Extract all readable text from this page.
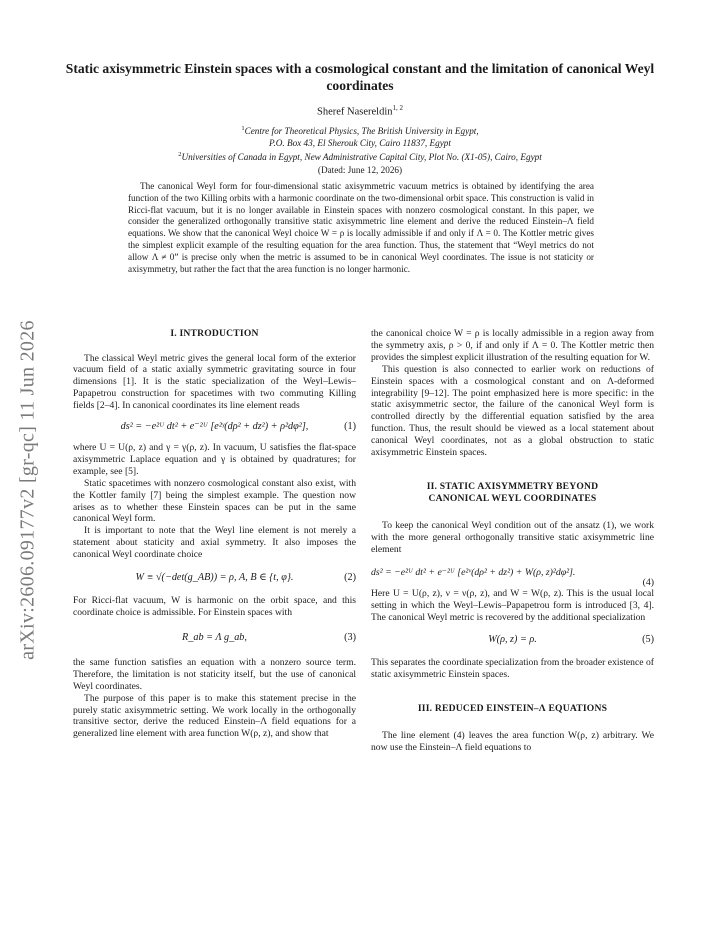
arXiv:2606.09177v2 [gr-qc] 11 Jun 2026
Static axisymmetric Einstein spaces with a cosmological constant and the limitation of canonical Weyl coordinates
Sheref Nasereldin$^{1, 2}$
$^1$Centre for Theoretical Physics, The British University in Egypt,
P.O. Box 43, El Sherouk City, Cairo 11837, Egypt
$^2$Universities of Canada in Egypt, New Administrative Capital City, Plot No. (X1-05), Cairo, Egypt
(Dated: June 12, 2026)
The canonical Weyl form for four-dimensional static axisymmetric vacuum metrics is obtained by identifying the area function of the two Killing orbits with a harmonic coordinate on the two-dimensional orbit space. This construction is valid in Ricci-flat vacuum, but it is no longer available in Einstein spaces with nonzero cosmological constant. In this paper, we consider the generalized orthogonally transitive static axisymmetric line element and derive the reduced Einstein–Λ field equations. We show that the canonical Weyl choice W = ρ is locally admissible if and only if Λ = 0. The Kottler metric gives the simplest explicit example of the resulting equation for the area function. Thus, the statement that “Weyl metrics do not allow Λ ≠ 0” is precise only when the metric is assumed to be in canonical Weyl coordinates. The issue is not staticity or axisymmetry, but rather the fact that the area function is no longer harmonic.
I. INTRODUCTION

The classical Weyl metric gives the general local form of the exterior vacuum field of a static axially symmetric gravitating source in four dimensions [1]. It is the static specialization of the Weyl–Lewis–Papapetrou construction for spacetimes with two commuting Killing fields [2–4]. In canonical coordinates its line element reads

ds² = −e²ᵁ dt² + e⁻²ᵁ [e²ᵞ(dρ² + dz²) + ρ²dφ²],	(1)

where U = U(ρ, z) and γ = γ(ρ, z). In vacuum, U satisfies the flat-space axisymmetric Laplace equation and γ is obtained by quadratures; for example, see [5].

Static spacetimes with nonzero cosmological constant also exist, with the Kottler family [7] being the simplest example. The question now arises as to whether these Einstein spaces can be put in the same canonical Weyl form.

It is important to note that the Weyl line element is not merely a statement about staticity and axial symmetry. It also imposes the canonical Weyl coordinate choice

W ≡ √(−det(g_AB)) = ρ, A, B ∈ {t, φ}.	(2)

For Ricci-flat vacuum, W is harmonic on the orbit space, and this coordinate choice is admissible. For Einstein spaces with

R_ab = Λ g_ab,	(3)

the same function satisfies an equation with a nonzero source term. Therefore, the limitation is not staticity itself, but the use of canonical Weyl coordinates.

The purpose of this paper is to make this statement precise in the purely static axisymmetric setting. We work locally in the orthogonally transitive sector, derive the reduced Einstein–Λ field equations for a generalized line element with area function W(ρ, z), and show that

the canonical choice W = ρ is locally admissible in a region away from the symmetry axis, ρ > 0, if and only if Λ = 0. The Kottler metric then provides the simplest explicit illustration of the resulting equation for W.

This question is also connected to earlier work on reductions of Einstein spaces with a cosmological constant and on Λ-deformed integrability [9–12]. The point emphasized here is more specific: in the static axisymmetric sector, the failure of the canonical Weyl form is controlled directly by the differential equation satisfied by the area function. Thus, the result should be viewed as a local statement about canonical Weyl coordinates, not as a global obstruction to static axisymmetric Einstein spaces.

II. STATIC AXISYMMETRY BEYOND
CANONICAL WEYL COORDINATES

To keep the canonical Weyl condition out of the ansatz (1), we work with the more general orthogonally transitive static axisymmetric line element

ds² = −e²ᵁ dt² + e⁻²ᵁ [e²ᵛ(dρ² + dz²) + W(ρ, z)²dφ²].
(4)

Here U = U(ρ, z), ν = ν(ρ, z), and W = W(ρ, z). This is the usual local setting in which the Weyl–Lewis–Papapetrou form is introduced [3, 4]. The canonical Weyl metric is recovered by the additional specialization

W(ρ, z) = ρ.	(5)

This separates the coordinate specialization from the broader existence of static axisymmetric Einstein spaces.

III. REDUCED EINSTEIN–Λ EQUATIONS

The line element (4) leaves the area function W(ρ, z) arbitrary. We now use the Einstein–Λ field equations to
